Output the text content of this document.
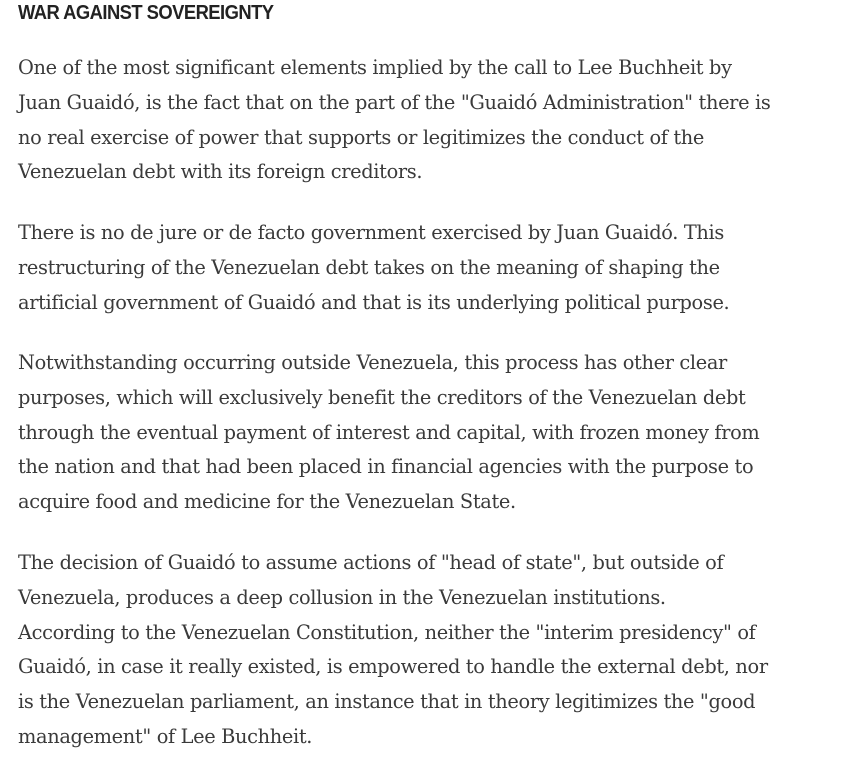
WAR AGAINST SOVEREIGNTY

One of the most significant elements implied by the call to Lee Buchheit by
Juan Guaidó, is the fact that on the part of the "Guaidó Administration" there is
no real exercise of power that supports or legitimizes the conduct of the
Venezuelan debt with its foreign creditors.

There is no de jure or de facto government exercised by Juan Guaidó. This
restructuring of the Venezuelan debt takes on the meaning of shaping the
artificial government of Guaidó and that is its underlying political purpose.

Notwithstanding occurring outside Venezuela, this process has other clear
purposes, which will exclusively benefit the creditors of the Venezuelan debt
through the eventual payment of interest and capital, with frozen money from
the nation and that had been placed in financial agencies with the purpose to
acquire food and medicine for the Venezuelan State.

The decision of Guaidó to assume actions of "head of state", but outside of
Venezuela, produces a deep collusion in the Venezuelan institutions.
According to the Venezuelan Constitution, neither the "interim presidency" of
Guaidó, in case it really existed, is empowered to handle the external debt, nor
is the Venezuelan parliament, an instance that in theory legitimizes the "good
management" of Lee Buchheit.
